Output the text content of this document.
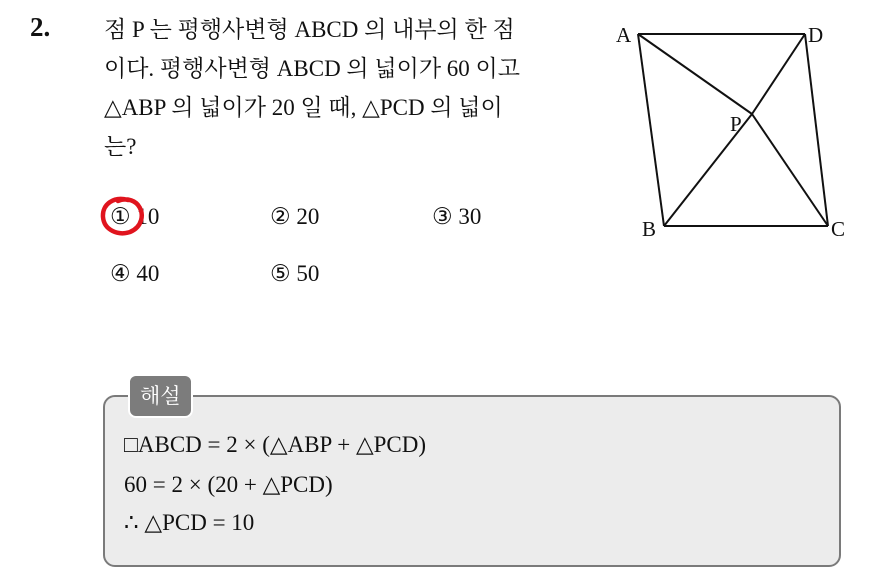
2. 점 P 는 평행사변형 ABCD 의 내부의 한 점
이다. 평행사변형 ABCD 의 넓이가 60 이고
△ABP 의 넓이가 20 일 때, △PCD 의 넓이
는?
① 10	② 20	③ 30
④ 40	⑤ 50
A	D
B	C
P
해설

□ABCD = 2 × (△ABP + △PCD)

60 = 2 × (20 + △PCD)

∴ △PCD = 10
